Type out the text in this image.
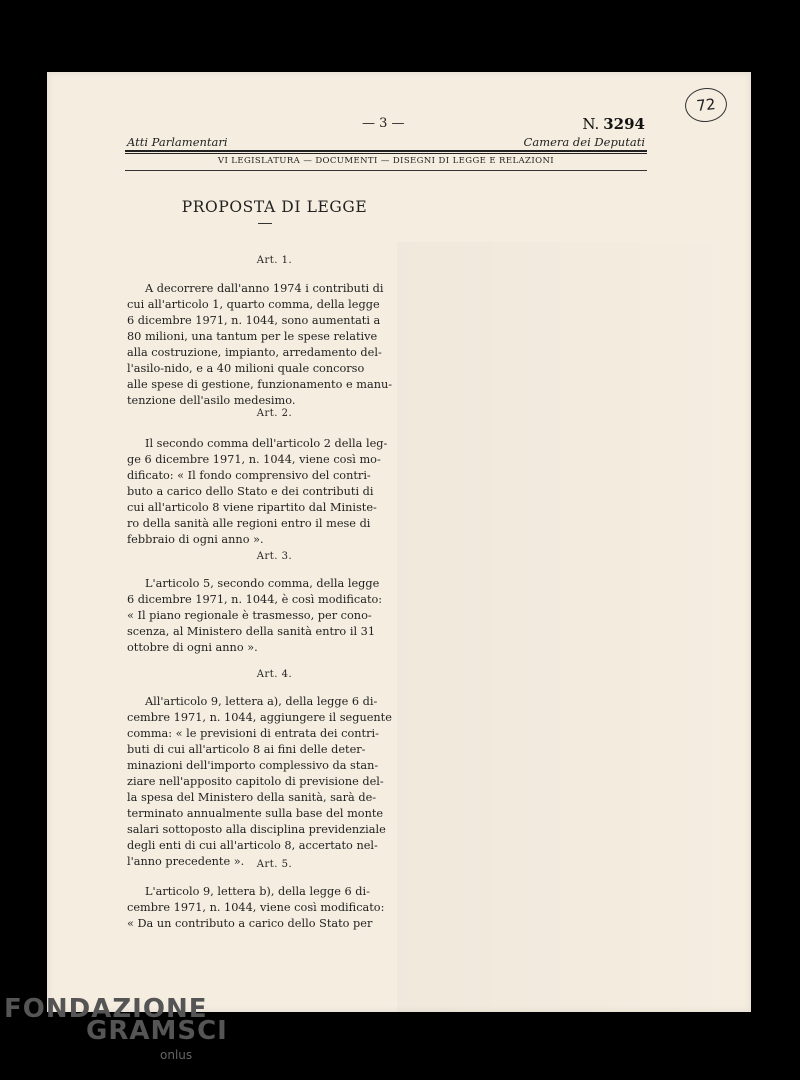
— 3 —
72
N. 3294
Atti Parlamentari	Camera dei Deputati
VI LEGISLATURA — DOCUMENTI — DISEGNI DI LEGGE E RELAZIONI
PROPOSTA DI LEGGE
Art. 1.
A decorrere dall'anno 1974 i contributi di
cui all'articolo 1, quarto comma, della legge
6 dicembre 1971, n. 1044, sono aumentati a
80 milioni, una tantum per le spese relative
alla costruzione, impianto, arredamento del-
l'asilo-nido, e a 40 milioni quale concorso
alle spese di gestione, funzionamento e manu-
tenzione dell'asilo medesimo.
Art. 2.
Il secondo comma dell'articolo 2 della leg-
ge 6 dicembre 1971, n. 1044, viene così mo-
dificato: « Il fondo comprensivo del contri-
buto a carico dello Stato e dei contributi di
cui all'articolo 8 viene ripartito dal Ministe-
ro della sanità alle regioni entro il mese di
febbraio di ogni anno ».
Art. 3.
L'articolo 5, secondo comma, della legge
6 dicembre 1971, n. 1044, è così modificato:
« Il piano regionale è trasmesso, per cono-
scenza, al Ministero della sanità entro il 31
ottobre di ogni anno ».
Art. 4.
All'articolo 9, lettera a), della legge 6 di-
cembre 1971, n. 1044, aggiungere il seguente
comma: « le previsioni di entrata dei contri-
buti di cui all'articolo 8 ai fini delle deter-
minazioni dell'importo complessivo da stan-
ziare nell'apposito capitolo di previsione del-
la spesa del Ministero della sanità, sarà de-
terminato annualmente sulla base del monte
salari sottoposto alla disciplina previdenziale
degli enti di cui all'articolo 8, accertato nel-
l'anno precedente ».	Art. 5.
L'articolo 9, lettera b), della legge 6 di-
cembre 1971, n. 1044, viene così modificato:
« Da un contributo a carico dello Stato per
FONDAZIONE
GRAMSCI
onlus
